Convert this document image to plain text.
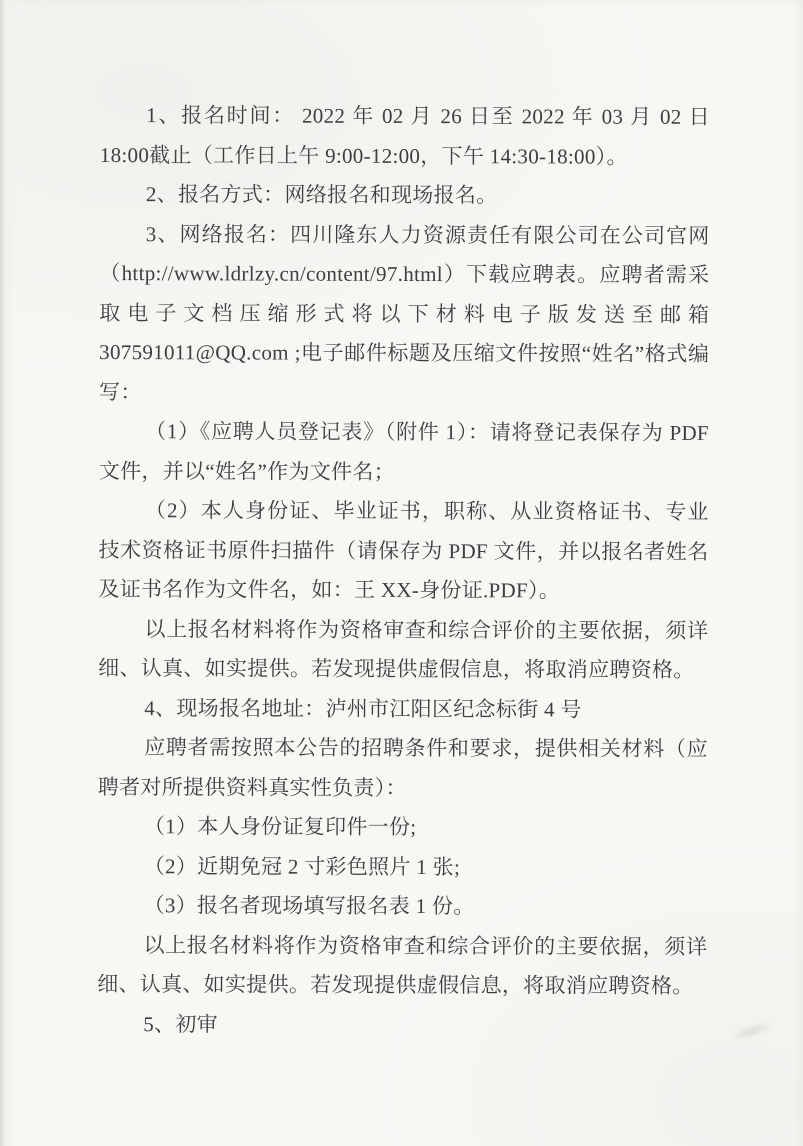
1、报名时间： 2022 年 02 月 26 日至 2022 年 03 月 02 日 18:00截止（工作日上午 9:00-12:00，下午 14:30-18:00）。

2、报名方式：网络报名和现场报名。

3、网络报名：四川隆东人力资源责任有限公司在公司官网（http://www.ldrlzy.cn/content/97.html）下载应聘表。应聘者需采取电子文档压缩形式将以下材料电子版发送至邮箱 307591011@QQ.com ;电子邮件标题及压缩文件按照“姓名”格式编写：

（1）《应聘人员登记表》（附件 1）：请将登记表保存为 PDF文件，并以“姓名”作为文件名；

（2）本人身份证、毕业证书，职称、从业资格证书、专业技术资格证书原件扫描件（请保存为 PDF 文件，并以报名者姓名及证书名作为文件名，如：王 XX-身份证.PDF）。

以上报名材料将作为资格审查和综合评价的主要依据，须详细、认真、如实提供。若发现提供虚假信息，将取消应聘资格。

4、现场报名地址：泸州市江阳区纪念标街 4 号

应聘者需按照本公告的招聘条件和要求，提供相关材料（应聘者对所提供资料真实性负责）：

（1）本人身份证复印件一份;

（2）近期免冠 2 寸彩色照片 1 张;

（3）报名者现场填写报名表 1 份。

以上报名材料将作为资格审查和综合评价的主要依据，须详细、认真、如实提供。若发现提供虚假信息，将取消应聘资格。

5、初审
